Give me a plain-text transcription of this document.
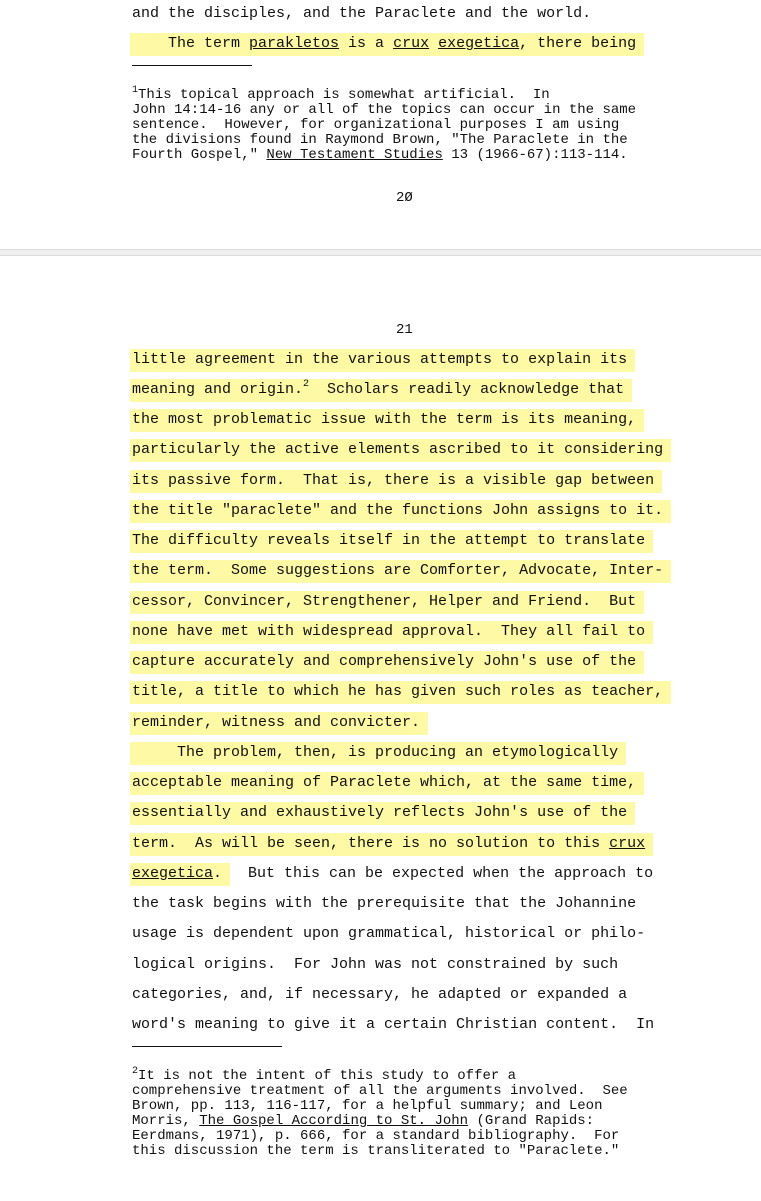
and the disciples, and the Paraclete and the world.
The term parakletos is a crux exegetica, there being
$^1$This topical approach is somewhat artificial.  In
John 14:14-16 any or all of the topics can occur in the same
sentence.  However, for organizational purposes I am using
the divisions found in Raymond Brown, "The Paraclete in the
Fourth Gospel," New Testament Studies 13 (1966-67):113-114.
2Ø
21
little agreement in the various attempts to explain its
meaning and origin.$^2$  Scholars readily acknowledge that
the most problematic issue with the term is its meaning,
particularly the active elements ascribed to it considering
its passive form.  That is, there is a visible gap between
the title "paraclete" and the functions John assigns to it.
The difficulty reveals itself in the attempt to translate
the term.  Some suggestions are Comforter, Advocate, Inter-
cessor, Convincer, Strengthener, Helper and Friend.  But
none have met with widespread approval.  They all fail to
capture accurately and comprehensively John's use of the
title, a title to which he has given such roles as teacher,
reminder, witness and convicter.
The problem, then, is producing an etymologically
acceptable meaning of Paraclete which, at the same time,
essentially and exhaustively reflects John's use of the
term.  As will be seen, there is no solution to this crux
exegetica.  But this can be expected when the approach to
the task begins with the prerequisite that the Johannine
usage is dependent upon grammatical, historical or philo-
logical origins.  For John was not constrained by such
categories, and, if necessary, he adapted or expanded a
word's meaning to give it a certain Christian content.  In
$^2$It is not the intent of this study to offer a
comprehensive treatment of all the arguments involved.  See
Brown, pp. 113, 116-117, for a helpful summary; and Leon
Morris, The Gospel According to St. John (Grand Rapids:
Eerdmans, 1971), p. 666, for a standard bibliography.  For
this discussion the term is transliterated to "Paraclete."
